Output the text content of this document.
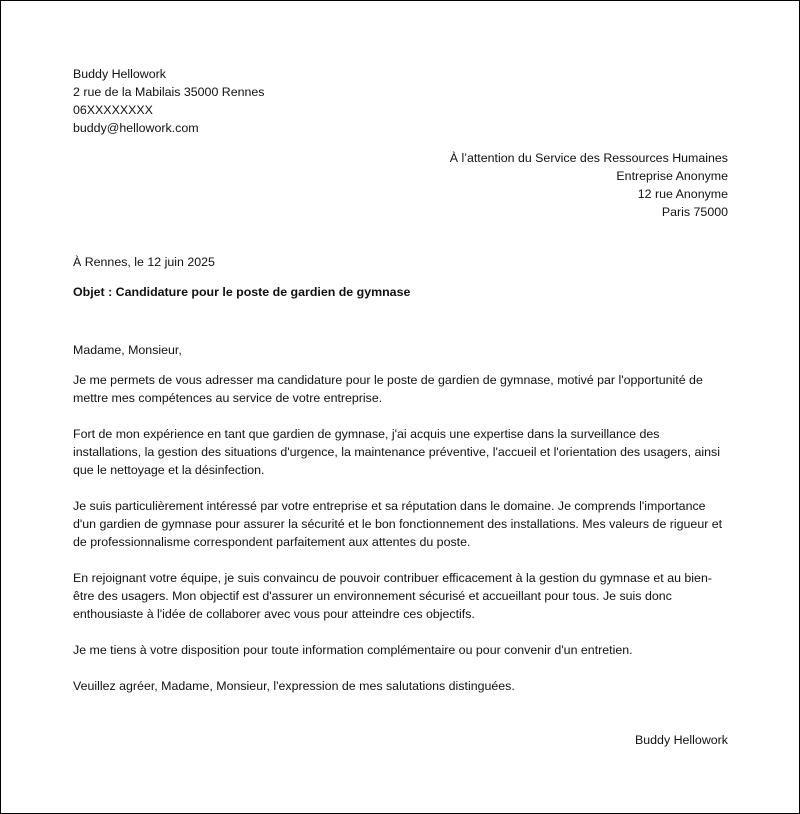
Buddy Hellowork
2 rue de la Mabilais 35000 Rennes
06XXXXXXXX
buddy@hellowork.com
À l’attention du Service des Ressources Humaines
Entreprise Anonyme
12 rue Anonyme
Paris 75000
À Rennes, le 12 juin 2025
Objet : Candidature pour le poste de gardien de gymnase
Madame, Monsieur,

Je me permets de vous adresser ma candidature pour le poste de gardien de gymnase, motivé par l'opportunité de mettre mes compétences au service de votre entreprise.

Fort de mon expérience en tant que gardien de gymnase, j'ai acquis une expertise dans la surveillance des installations, la gestion des situations d'urgence, la maintenance préventive, l'accueil et l'orientation des usagers, ainsi que le nettoyage et la désinfection.

Je suis particulièrement intéressé par votre entreprise et sa réputation dans le domaine. Je comprends l'importance d'un gardien de gymnase pour assurer la sécurité et le bon fonctionnement des installations. Mes valeurs de rigueur et de professionnalisme correspondent parfaitement aux attentes du poste.

En rejoignant votre équipe, je suis convaincu de pouvoir contribuer efficacement à la gestion du gymnase et au bien-être des usagers. Mon objectif est d'assurer un environnement sécurisé et accueillant pour tous. Je suis donc enthousiaste à l'idée de collaborer avec vous pour atteindre ces objectifs.

Je me tiens à votre disposition pour toute information complémentaire ou pour convenir d'un entretien.

Veuillez agréer, Madame, Monsieur, l'expression de mes salutations distinguées.

Buddy Hellowork
